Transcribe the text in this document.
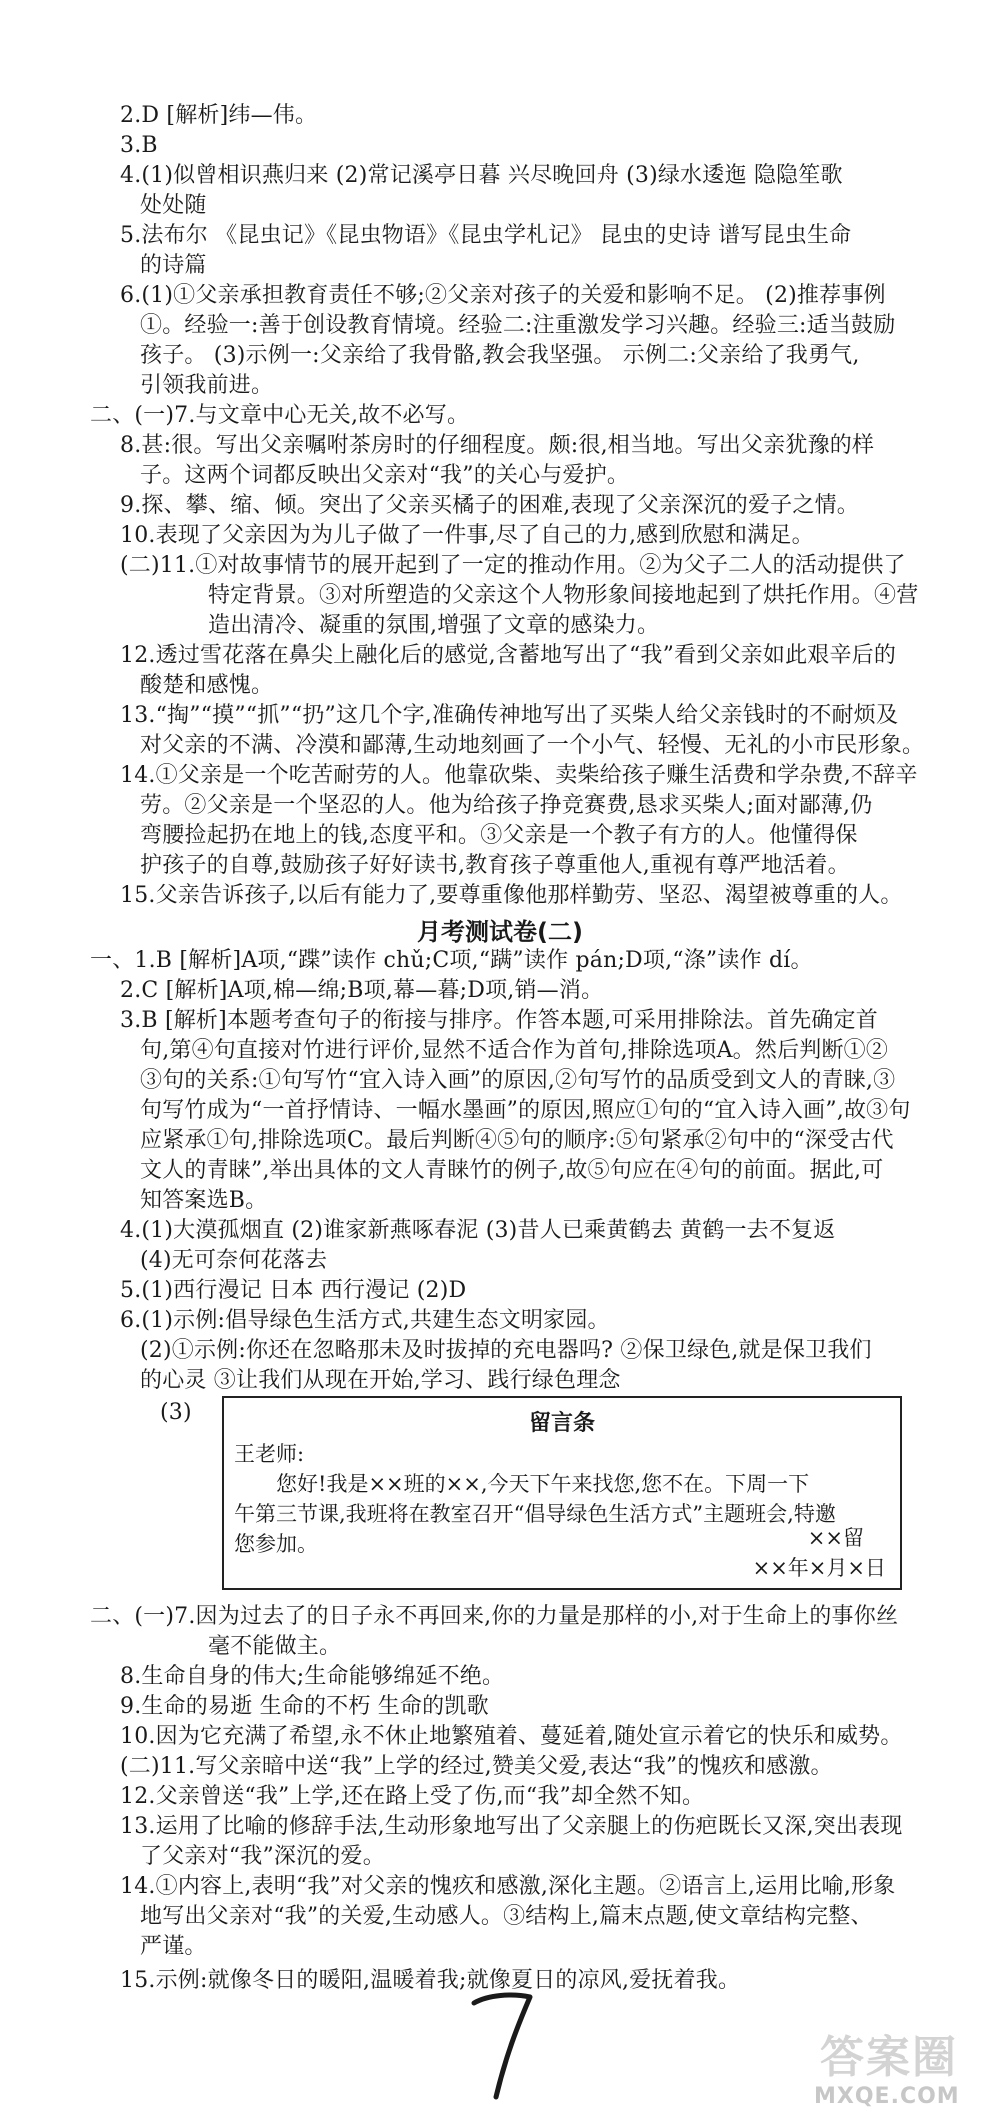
2.D [解析]纬—伟。
3.B
4.(1)似曾相识燕归来 (2)常记溪亭日暮 兴尽晚回舟 (3)绿水逶迤 隐隐笙歌
处处随
5.法布尔 《昆虫记》《昆虫物语》《昆虫学札记》 昆虫的史诗 谱写昆虫生命
的诗篇
6.(1)①父亲承担教育责任不够;②父亲对孩子的关爱和影响不足。 (2)推荐事例
①。经验一:善于创设教育情境。经验二:注重激发学习兴趣。经验三:适当鼓励
孩子。 (3)示例一:父亲给了我骨骼,教会我坚强。 示例二:父亲给了我勇气,
引领我前进。
二、(一)7.与文章中心无关,故不必写。
8.甚:很。写出父亲嘱咐茶房时的仔细程度。颇:很,相当地。写出父亲犹豫的样
子。这两个词都反映出父亲对“我”的关心与爱护。
9.探、攀、缩、倾。突出了父亲买橘子的困难,表现了父亲深沉的爱子之情。
10.表现了父亲因为为儿子做了一件事,尽了自己的力,感到欣慰和满足。
(二)11.①对故事情节的展开起到了一定的推动作用。②为父子二人的活动提供了
特定背景。③对所塑造的父亲这个人物形象间接地起到了烘托作用。④营
造出清冷、凝重的氛围,增强了文章的感染力。
12.透过雪花落在鼻尖上融化后的感觉,含蓄地写出了“我”看到父亲如此艰辛后的
酸楚和感愧。
13.“掏”“摸”“抓”“扔”这几个字,准确传神地写出了买柴人给父亲钱时的不耐烦及
对父亲的不满、冷漠和鄙薄,生动地刻画了一个小气、轻慢、无礼的小市民形象。
14.①父亲是一个吃苦耐劳的人。他靠砍柴、卖柴给孩子赚生活费和学杂费,不辞辛
劳。②父亲是一个坚忍的人。他为给孩子挣竞赛费,恳求买柴人;面对鄙薄,仍
弯腰捡起扔在地上的钱,态度平和。③父亲是一个教子有方的人。他懂得保
护孩子的自尊,鼓励孩子好好读书,教育孩子尊重他人,重视有尊严地活着。
15.父亲告诉孩子,以后有能力了,要尊重像他那样勤劳、坚忍、渴望被尊重的人。
月考测试卷(二)
一、1.B [解析]A项,“蹀”读作 chǔ;C项,“蹒”读作 pán;D项,“涤”读作 dí。
2.C [解析]A项,棉—绵;B项,幕—暮;D项,销—消。
3.B [解析]本题考查句子的衔接与排序。作答本题,可采用排除法。首先确定首
句,第④句直接对竹进行评价,显然不适合作为首句,排除选项A。然后判断①②
③句的关系:①句写竹“宜入诗入画”的原因,②句写竹的品质受到文人的青睐,③
句写竹成为“一首抒情诗、一幅水墨画”的原因,照应①句的“宜入诗入画”,故③句
应紧承①句,排除选项C。最后判断④⑤句的顺序:⑤句紧承②句中的“深受古代
文人的青睐”,举出具体的文人青睐竹的例子,故⑤句应在④句的前面。据此,可
知答案选B。
4.(1)大漠孤烟直 (2)谁家新燕啄春泥 (3)昔人已乘黄鹤去 黄鹤一去不复返
(4)无可奈何花落去
5.(1)西行漫记 日本 西行漫记 (2)D
6.(1)示例:倡导绿色生活方式,共建生态文明家园。
(2)①示例:你还在忽略那未及时拔掉的充电器吗? ②保卫绿色,就是保卫我们
的心灵 ③让我们从现在开始,学习、践行绿色理念
(3)	留言条
王老师:
您好!我是××班的××,今天下午来找您,您不在。下周一下
午第三节课,我班将在教室召开“倡导绿色生活方式”主题班会,特邀
您参加。	××留
××年×月×日
二、(一)7.因为过去了的日子永不再回来,你的力量是那样的小,对于生命上的事你丝
毫不能做主。
8.生命自身的伟大;生命能够绵延不绝。
9.生命的易逝 生命的不朽 生命的凯歌
10.因为它充满了希望,永不休止地繁殖着、蔓延着,随处宣示着它的快乐和威势。
(二)11.写父亲暗中送“我”上学的经过,赞美父爱,表达“我”的愧疚和感激。
12.父亲曾送“我”上学,还在路上受了伤,而“我”却全然不知。
13.运用了比喻的修辞手法,生动形象地写出了父亲腿上的伤疤既长又深,突出表现
了父亲对“我”深沉的爱。
14.①内容上,表明“我”对父亲的愧疚和感激,深化主题。②语言上,运用比喻,形象
地写出父亲对“我”的关爱,生动感人。③结构上,篇末点题,使文章结构完整、
严谨。
15.示例:就像冬日的暖阳,温暖着我;就像夏日的凉风,爱抚着我。
答案圈
MXQE.COM
